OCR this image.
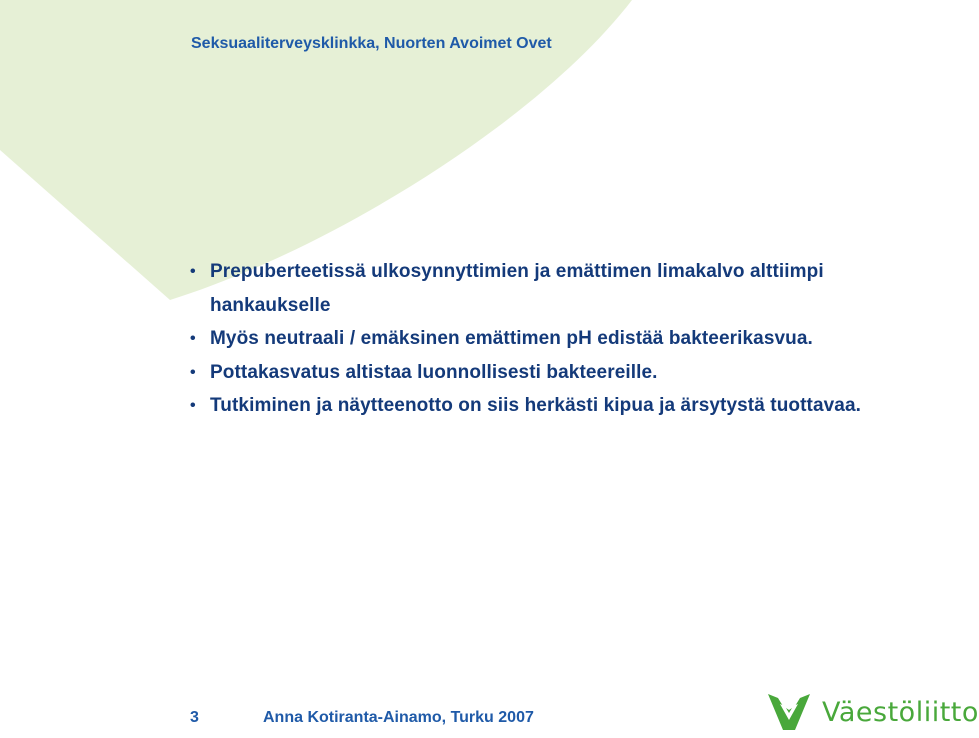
Seksuaaliterveysklinkka, Nuorten Avoimet Ovet
• Prepuberteetissä ulkosynnyttimien ja emättimen limakalvo alttiimpi hankaukselle
• Myös neutraali / emäksinen emättimen pH edistää bakteerikasvua.
• Pottakasvatus altistaa luonnollisesti bakteereille.
• Tutkiminen ja näytteenotto on siis herkästi kipua ja ärsytystä tuottavaa.
3	Anna Kotiranta-Ainamo, Turku 2007	Väestöliitto
